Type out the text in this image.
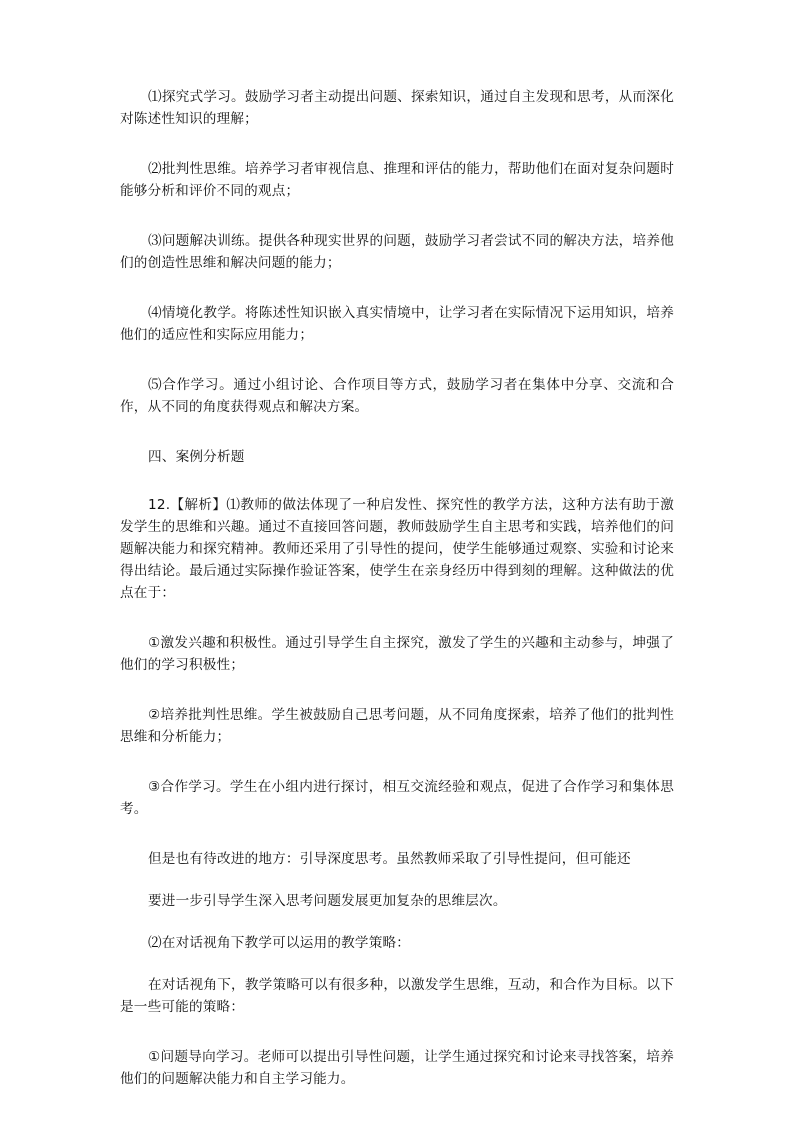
⑴探究式学习。鼓励学习者主动提出问题、探索知识，通过自主发现和思考，从而深化对陈述性知识的理解；

⑵批判性思维。培养学习者审视信息、推理和评估的能力，帮助他们在面对复杂问题时能够分析和评价不同的观点；

⑶问题解决训练。提供各种现实世界的问题，鼓励学习者尝试不同的解决方法，培养他们的创造性思维和解决问题的能力；

⑷情境化教学。将陈述性知识嵌入真实情境中，让学习者在实际情况下运用知识，培养他们的适应性和实际应用能力；

⑸合作学习。通过小组讨论、合作项目等方式，鼓励学习者在集体中分享、交流和合作，从不同的角度获得观点和解决方案。

四、案例分析题

12.【解析】⑴教师的做法体现了一种启发性、探究性的教学方法，这种方法有助于激发学生的思维和兴趣。通过不直接回答问题，教师鼓励学生自主思考和实践，培养他们的问题解决能力和探究精神。教师还采用了引导性的提问，使学生能够通过观察、实验和讨论来得出结论。最后通过实际操作验证答案，使学生在亲身经历中得到刻的理解。这种做法的优点在于：

①激发兴趣和积极性。通过引导学生自主探究，激发了学生的兴趣和主动参与，坤强了他们的学习积极性；

②培养批判性思维。学生被鼓励自己思考问题，从不同角度探索，培养了他们的批判性思维和分析能力；

③合作学习。学生在小组内进行探讨，相互交流经验和观点，促进了合作学习和集体思考。

但是也有待改进的地方：引导深度思考。虽然教师采取了引导性提问，但可能还

要进一步引导学生深入思考问题发展更加复杂的思维层次。

⑵在对话视角下教学可以运用的教学策略：

在对话视角下，教学策略可以有很多种，以激发学生思维，互动，和合作为目标。以下是一些可能的策略：

①问题导向学习。老师可以提出引导性问题，让学生通过探究和讨论来寻找答案，培养他们的问题解决能力和自主学习能力。
